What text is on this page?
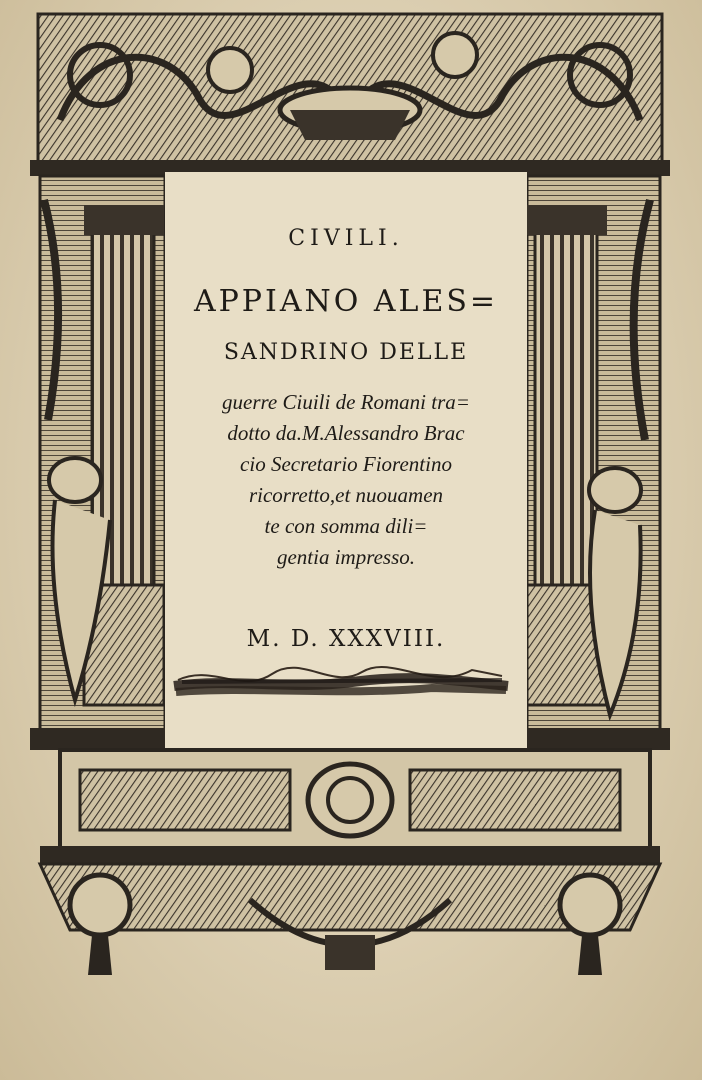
CIVILI.
APPIANO ALES=
SANDRINO DELLE
guerre Ciuili de Romani tra=
dotto da.M.Alessandro Brac
cio Secretario Fiorentino
ricorretto,et nuouamen
te con somma dili=
gentia impresso.
M. D. XXXVIII.
